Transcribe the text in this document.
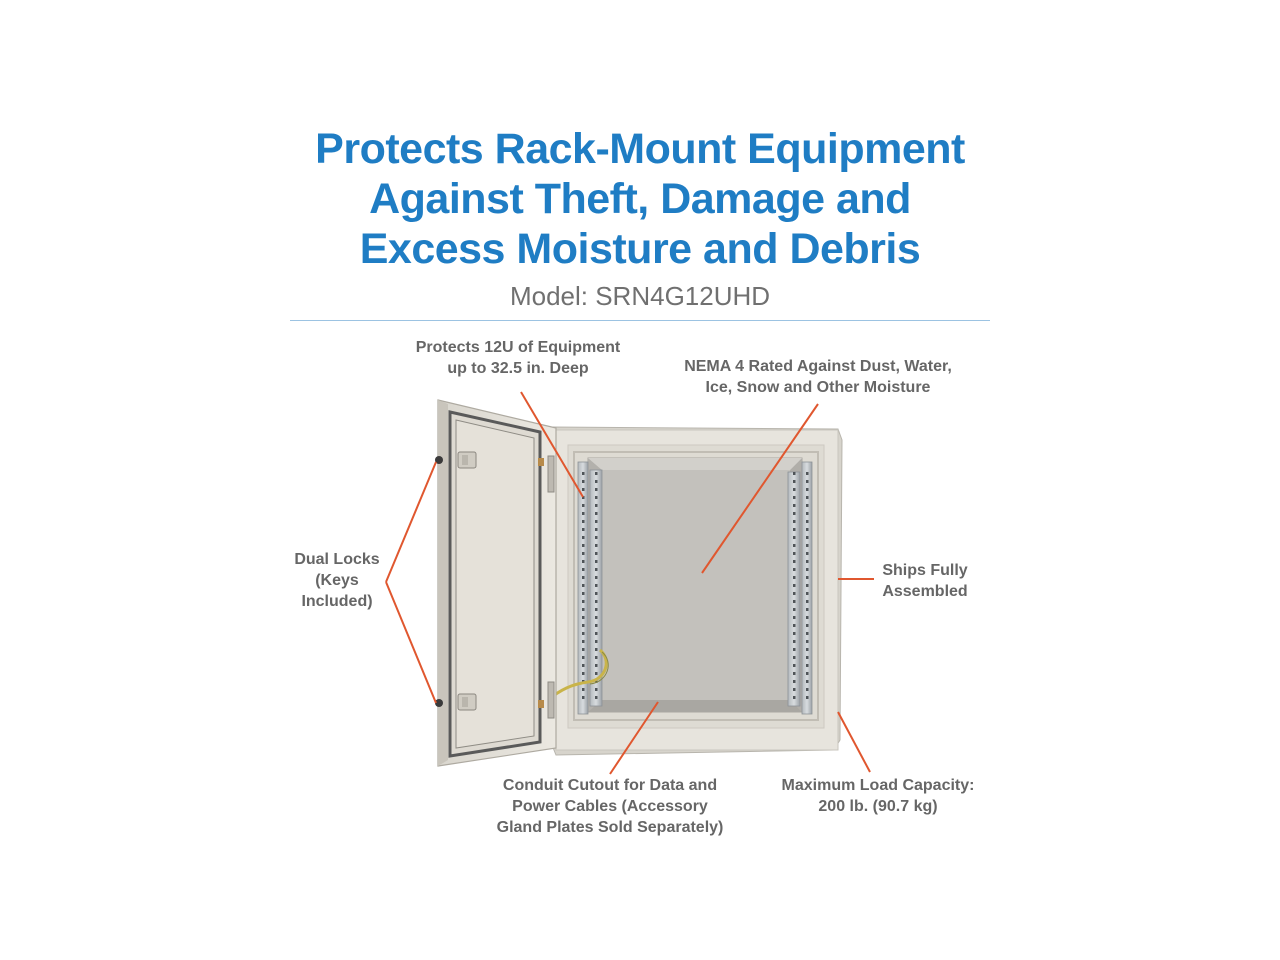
Protects Rack-Mount Equipment
Against Theft, Damage and
Excess Moisture and Debris
Model: SRN4G12UHD
Protects 12U of Equipment
up to 32.5 in. Deep	NEMA 4 Rated Against Dust, Water,
Ice, Snow and Other Moisture
Dual Locks
(Keys
Included)
Ships Fully
Assembled
Conduit Cutout for Data and
Power Cables (Accessory
Gland Plates Sold Separately)
Maximum Load Capacity:
200 lb. (90.7 kg)
